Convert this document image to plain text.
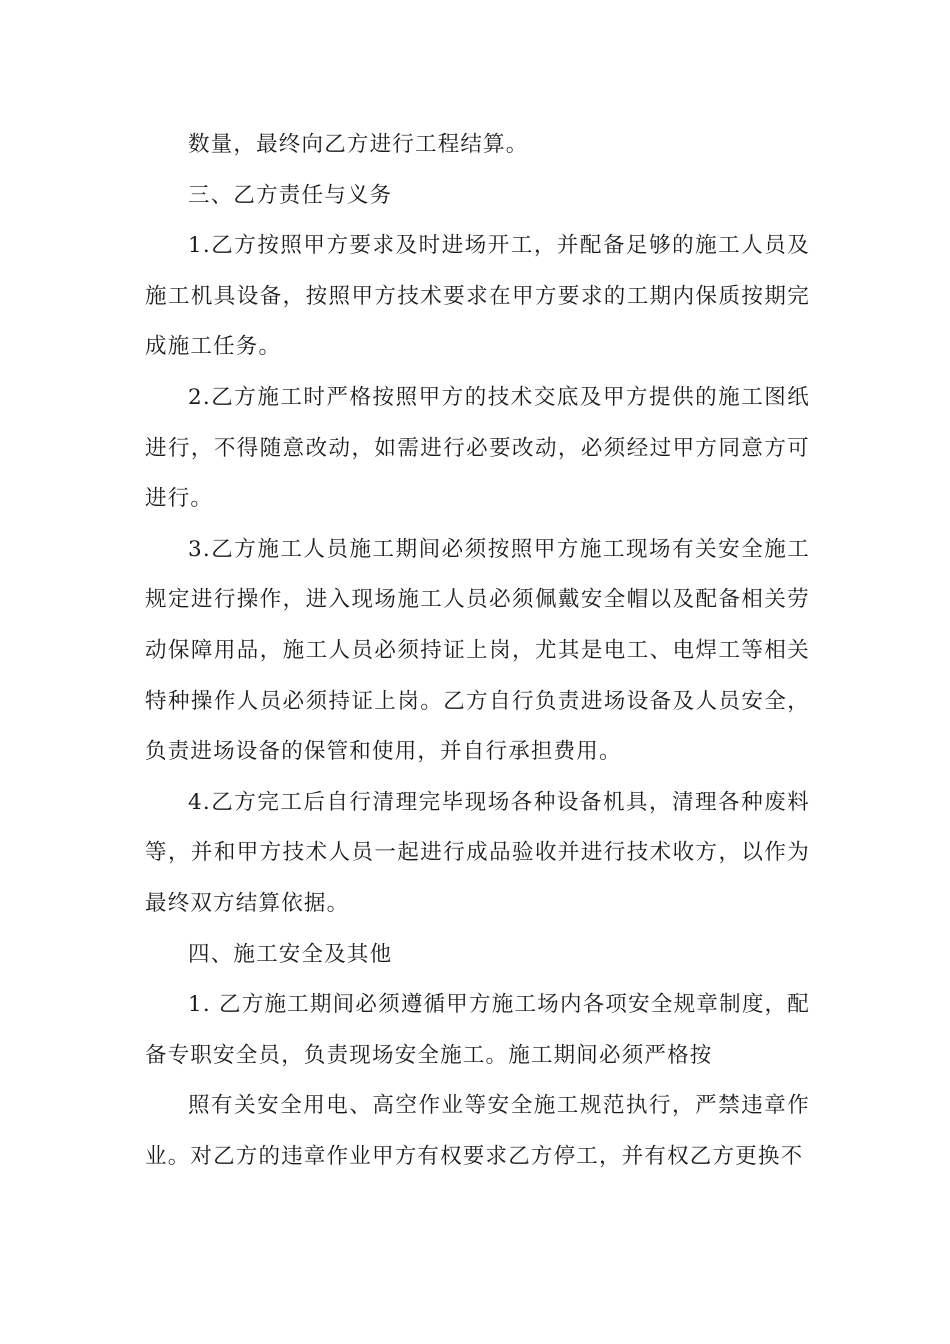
数量，最终向乙方进行工程结算。

三、乙方责任与义务

1.乙方按照甲方要求及时进场开工，并配备足够的施工人员及施工机具设备，按照甲方技术要求在甲方要求的工期内保质按期完成施工任务。

2.乙方施工时严格按照甲方的技术交底及甲方提供的施工图纸进行，不得随意改动，如需进行必要改动，必须经过甲方同意方可进行。

3.乙方施工人员施工期间必须按照甲方施工现场有关安全施工规定进行操作，进入现场施工人员必须佩戴安全帽以及配备相关劳动保障用品，施工人员必须持证上岗，尤其是电工、电焊工等相关特种操作人员必须持证上岗。乙方自行负责进场设备及人员安全，负责进场设备的保管和使用，并自行承担费用。

4.乙方完工后自行清理完毕现场各种设备机具，清理各种废料等，并和甲方技术人员一起进行成品验收并进行技术收方，以作为最终双方结算依据。

四、施工安全及其他

1. 乙方施工期间必须遵循甲方施工场内各项安全规章制度，配备专职安全员，负责现场安全施工。施工期间必须严格按

照有关安全用电、高空作业等安全施工规范执行，严禁违章作业。对乙方的违章作业甲方有权要求乙方停工，并有权乙方更换不
